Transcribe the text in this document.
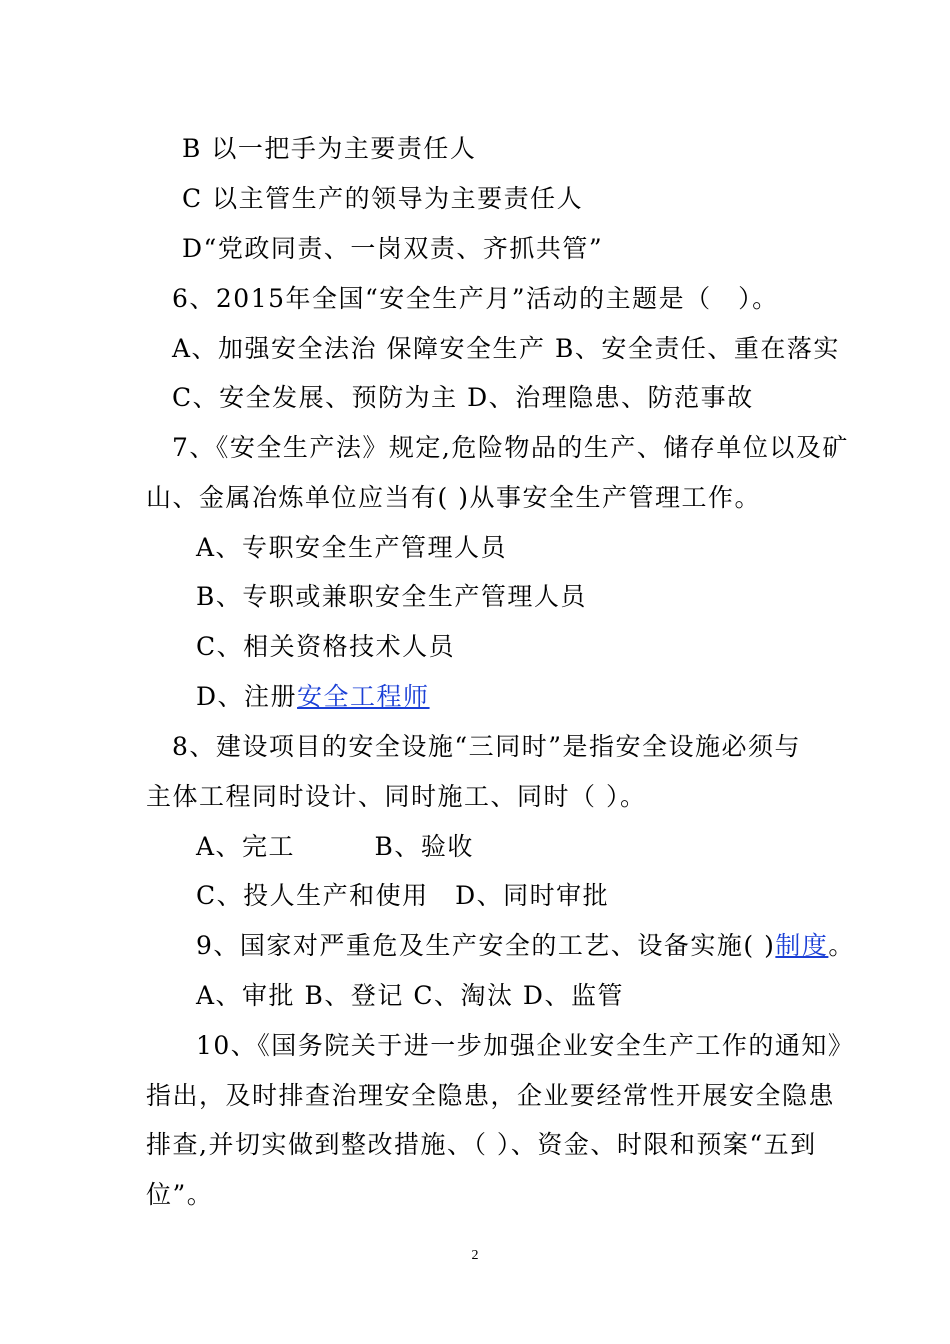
B 以一把手为主要责任人
C 以主管生产的领导为主要责任人
D“党政同责、一岗双责、齐抓共管”
6、2015年全国“安全生产月”活动的主题是（　）。
A、加强安全法治 保障安全生产 B、安全责任、重在落实
C、安全发展、预防为主 D、治理隐患、防范事故
7、《安全生产法》规定,危险物品的生产、储存单位以及矿
山、金属冶炼单位应当有( )从事安全生产管理工作。
A、专职安全生产管理人员
B、专职或兼职安全生产管理人员
C、相关资格技术人员
D、注册安全工程师
8、建设项目的安全设施“三同时”是指安全设施必须与
主体工程同时设计、同时施工、同时（ ）。
A、完工　　　B、验收
C、投人生产和使用　D、同时审批
9、国家对严重危及生产安全的工艺、设备实施( )制度。
A、审批 B、登记 C、淘汰 D、监管
10、《国务院关于进一步加强企业安全生产工作的通知》
指出，及时排查治理安全隐患，企业要经常性开展安全隐患
排查,并切实做到整改措施、（ ）、资金、时限和预案“五到
位”。
2
